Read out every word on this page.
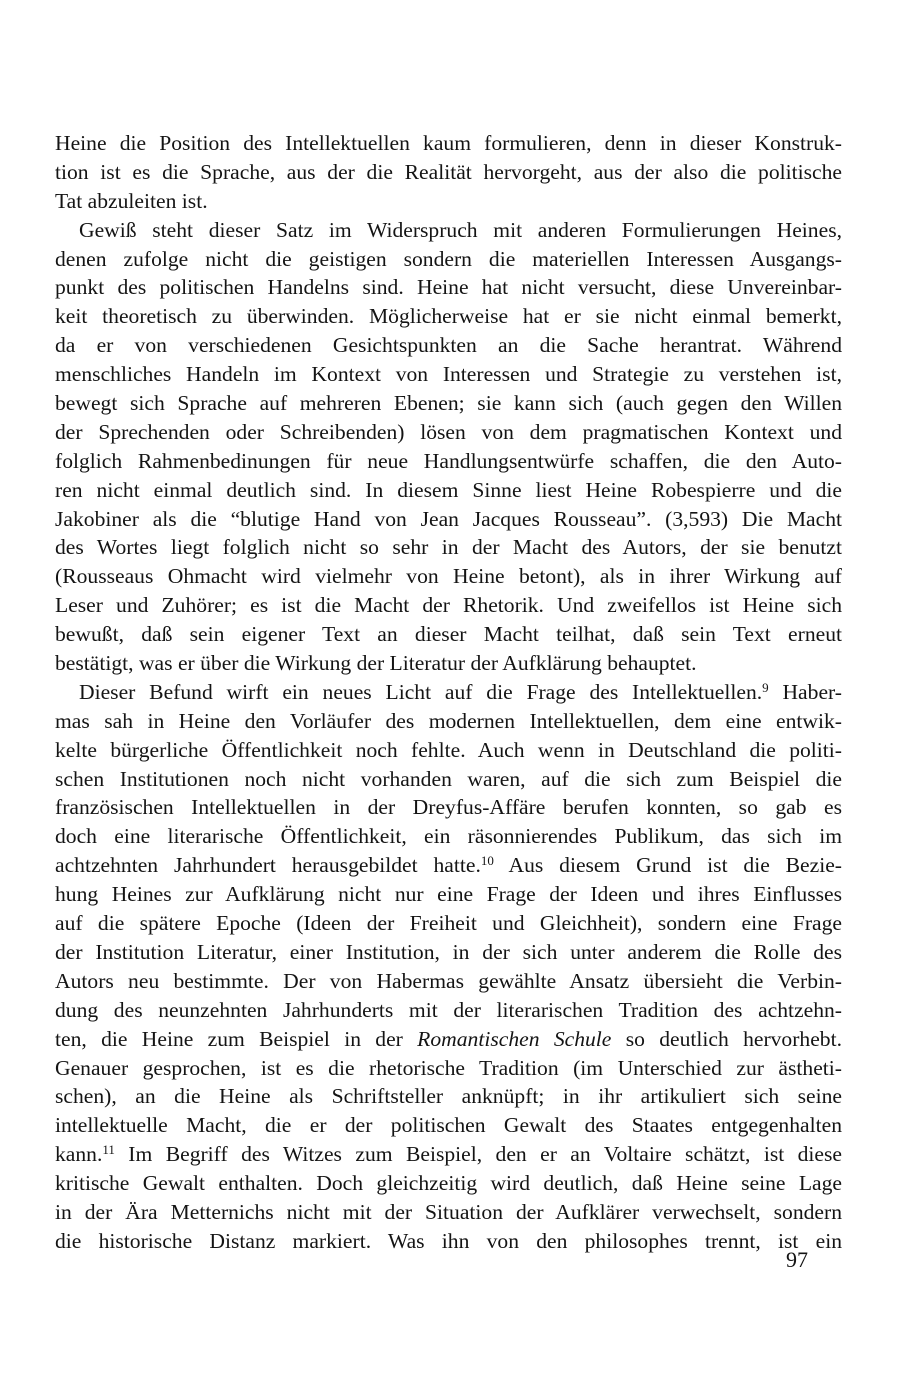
Heine die Position des Intellektuellen kaum formulieren, denn in dieser Konstruk-
tion ist es die Sprache, aus der die Realität hervorgeht, aus der also die politische
Tat abzuleiten ist.
Gewiß steht dieser Satz im Widerspruch mit anderen Formulierungen Heines,
denen zufolge nicht die geistigen sondern die materiellen Interessen Ausgangs-
punkt des politischen Handelns sind. Heine hat nicht versucht, diese Unvereinbar-
keit theoretisch zu überwinden. Möglicherweise hat er sie nicht einmal bemerkt,
da er von verschiedenen Gesichtspunkten an die Sache herantrat. Während
menschliches Handeln im Kontext von Interessen und Strategie zu verstehen ist,
bewegt sich Sprache auf mehreren Ebenen; sie kann sich (auch gegen den Willen
der Sprechenden oder Schreibenden) lösen von dem pragmatischen Kontext und
folglich Rahmenbedinungen für neue Handlungsentwürfe schaffen, die den Auto-
ren nicht einmal deutlich sind. In diesem Sinne liest Heine Robespierre und die
Jakobiner als die “blutige Hand von Jean Jacques Rousseau”. (3,593) Die Macht
des Wortes liegt folglich nicht so sehr in der Macht des Autors, der sie benutzt
(Rousseaus Ohmacht wird vielmehr von Heine betont), als in ihrer Wirkung auf
Leser und Zuhörer; es ist die Macht der Rhetorik. Und zweifellos ist Heine sich
bewußt, daß sein eigener Text an dieser Macht teilhat, daß sein Text erneut
bestätigt, was er über die Wirkung der Literatur der Aufklärung behauptet.
Dieser Befund wirft ein neues Licht auf die Frage des Intellektuellen.$^9$ Haber-
mas sah in Heine den Vorläufer des modernen Intellektuellen, dem eine entwik-
kelte bürgerliche Öffentlichkeit noch fehlte. Auch wenn in Deutschland die politi-
schen Institutionen noch nicht vorhanden waren, auf die sich zum Beispiel die
französischen Intellektuellen in der Dreyfus-Affäre berufen konnten, so gab es
doch eine literarische Öffentlichkeit, ein räsonnierendes Publikum, das sich im
achtzehnten Jahrhundert herausgebildet hatte.$^{10}$ Aus diesem Grund ist die Bezie-
hung Heines zur Aufklärung nicht nur eine Frage der Ideen und ihres Einflusses
auf die spätere Epoche (Ideen der Freiheit und Gleichheit), sondern eine Frage
der Institution Literatur, einer Institution, in der sich unter anderem die Rolle des
Autors neu bestimmte. Der von Habermas gewählte Ansatz übersieht die Verbin-
dung des neunzehnten Jahrhunderts mit der literarischen Tradition des achtzehn-
ten, die Heine zum Beispiel in der Romantischen Schule so deutlich hervorhebt.
Genauer gesprochen, ist es die rhetorische Tradition (im Unterschied zur ästheti-
schen), an die Heine als Schriftsteller anknüpft; in ihr artikuliert sich seine
intellektuelle Macht, die er der politischen Gewalt des Staates entgegenhalten
kann.$^{11}$ Im Begriff des Witzes zum Beispiel, den er an Voltaire schätzt, ist diese
kritische Gewalt enthalten. Doch gleichzeitig wird deutlich, daß Heine seine Lage
in der Ära Metternichs nicht mit der Situation der Aufklärer verwechselt, sondern
die historische Distanz markiert. Was ihn von den philosophes trennt, ist ein
97
